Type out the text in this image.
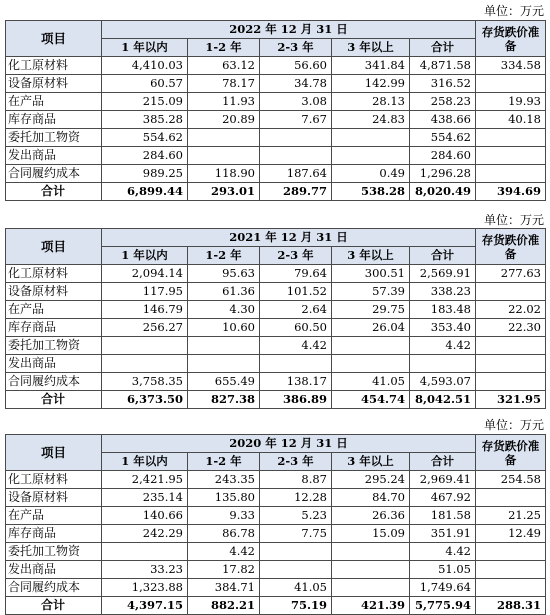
单位：万元
项目	2022 年 12 月 31 日					存货跌价准备
	1 年以内	1-2 年	2-3 年	3 年以上	合计	
化工原材料	4,410.03	63.12	56.60	341.84	4,871.58	334.58
设备原材料	60.57	78.17	34.78	142.99	316.52	
在产品	215.09	11.93	3.08	28.13	258.23	19.93
库存商品	385.28	20.89	7.67	24.83	438.66	40.18
委托加工物资	554.62				554.62	
发出商品	284.60				284.60	
合同履约成本	989.25	118.90	187.64	0.49	1,296.28	
合计	6,899.44	293.01	289.77	538.28	8,020.49	394.69
单位：万元
项目	2021 年 12 月 31 日					存货跌价准备
	1 年以内	1-2 年	2-3 年	3 年以上	合计	
化工原材料	2,094.14	95.63	79.64	300.51	2,569.91	277.63
设备原材料	117.95	61.36	101.52	57.39	338.23	
在产品	146.79	4.30	2.64	29.75	183.48	22.02
库存商品	256.27	10.60	60.50	26.04	353.40	22.30
委托加工物资			4.42		4.42	
发出商品						
合同履约成本	3,758.35	655.49	138.17	41.05	4,593.07	
合计	6,373.50	827.38	386.89	454.74	8,042.51	321.95
单位：万元
项目	2020 年 12 月 31 日					存货跌价准备
	1 年以内	1-2 年	2-3 年	3 年以上	合计	
化工原材料	2,421.95	243.35	8.87	295.24	2,969.41	254.58
设备原材料	235.14	135.80	12.28	84.70	467.92	
在产品	140.66	9.33	5.23	26.36	181.58	21.25
库存商品	242.29	86.78	7.75	15.09	351.91	12.49
委托加工物资		4.42			4.42	
发出商品	33.23	17.82			51.05	
合同履约成本	1,323.88	384.71	41.05		1,749.64	
合计	4,397.15	882.21	75.19	421.39	5,775.94	288.31
